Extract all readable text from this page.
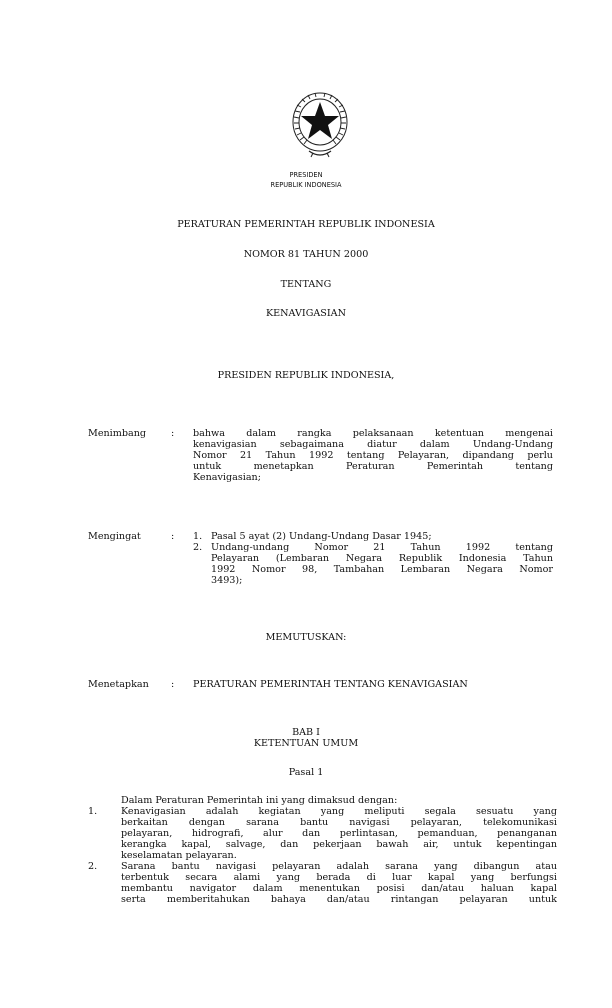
PRESIDEN
REPUBLIK INDONESIA
PERATURAN PEMERINTAH REPUBLIK INDONESIA
NOMOR 81 TAHUN 2000
TENTANG
KENAVIGASIAN
PRESIDEN REPUBLIK INDONESIA,
Menimbang	: bahwa dalam rangka pelaksanaan ketentuan mengenai
kenavigasian sebagaimana diatur dalam Undang-Undang
Nomor 21 Tahun 1992 tentang Pelayaran, dipandang perlu
untuk menetapkan Peraturan Pemerintah tentang
Kenavigasian;
Mengingat	: 1. Pasal 5 ayat (2) Undang-Undang Dasar 1945;
2. Undang-undang Nomor 21 Tahun 1992 tentang
Pelayaran (Lembaran Negara Republik Indonesia Tahun
1992 Nomor 98, Tambahan Lembaran Negara Nomor
3493);
MEMUTUSKAN:
Menetapkan : PERATURAN PEMERINTAH TENTANG KENAVIGASIAN
BAB I
KETENTUAN UMUM
Pasal 1
Dalam Peraturan Pemerintah ini yang dimaksud dengan:
1. Kenavigasian adalah kegiatan yang meliputi segala sesuatu yang
berkaitan dengan sarana bantu navigasi pelayaran, telekomunikasi
pelayaran, hidrografi, alur dan perlintasan, pemanduan, penanganan
kerangka kapal, salvage, dan pekerjaan bawah air, untuk kepentingan
keselamatan pelayaran.
2. Sarana bantu navigasi pelayaran adalah sarana yang dibangun atau
terbentuk secara alami yang berada di luar kapal yang berfungsi
membantu navigator dalam menentukan posisi dan/atau haluan kapal
serta memberitahukan bahaya dan/atau rintangan pelayaran untuk
